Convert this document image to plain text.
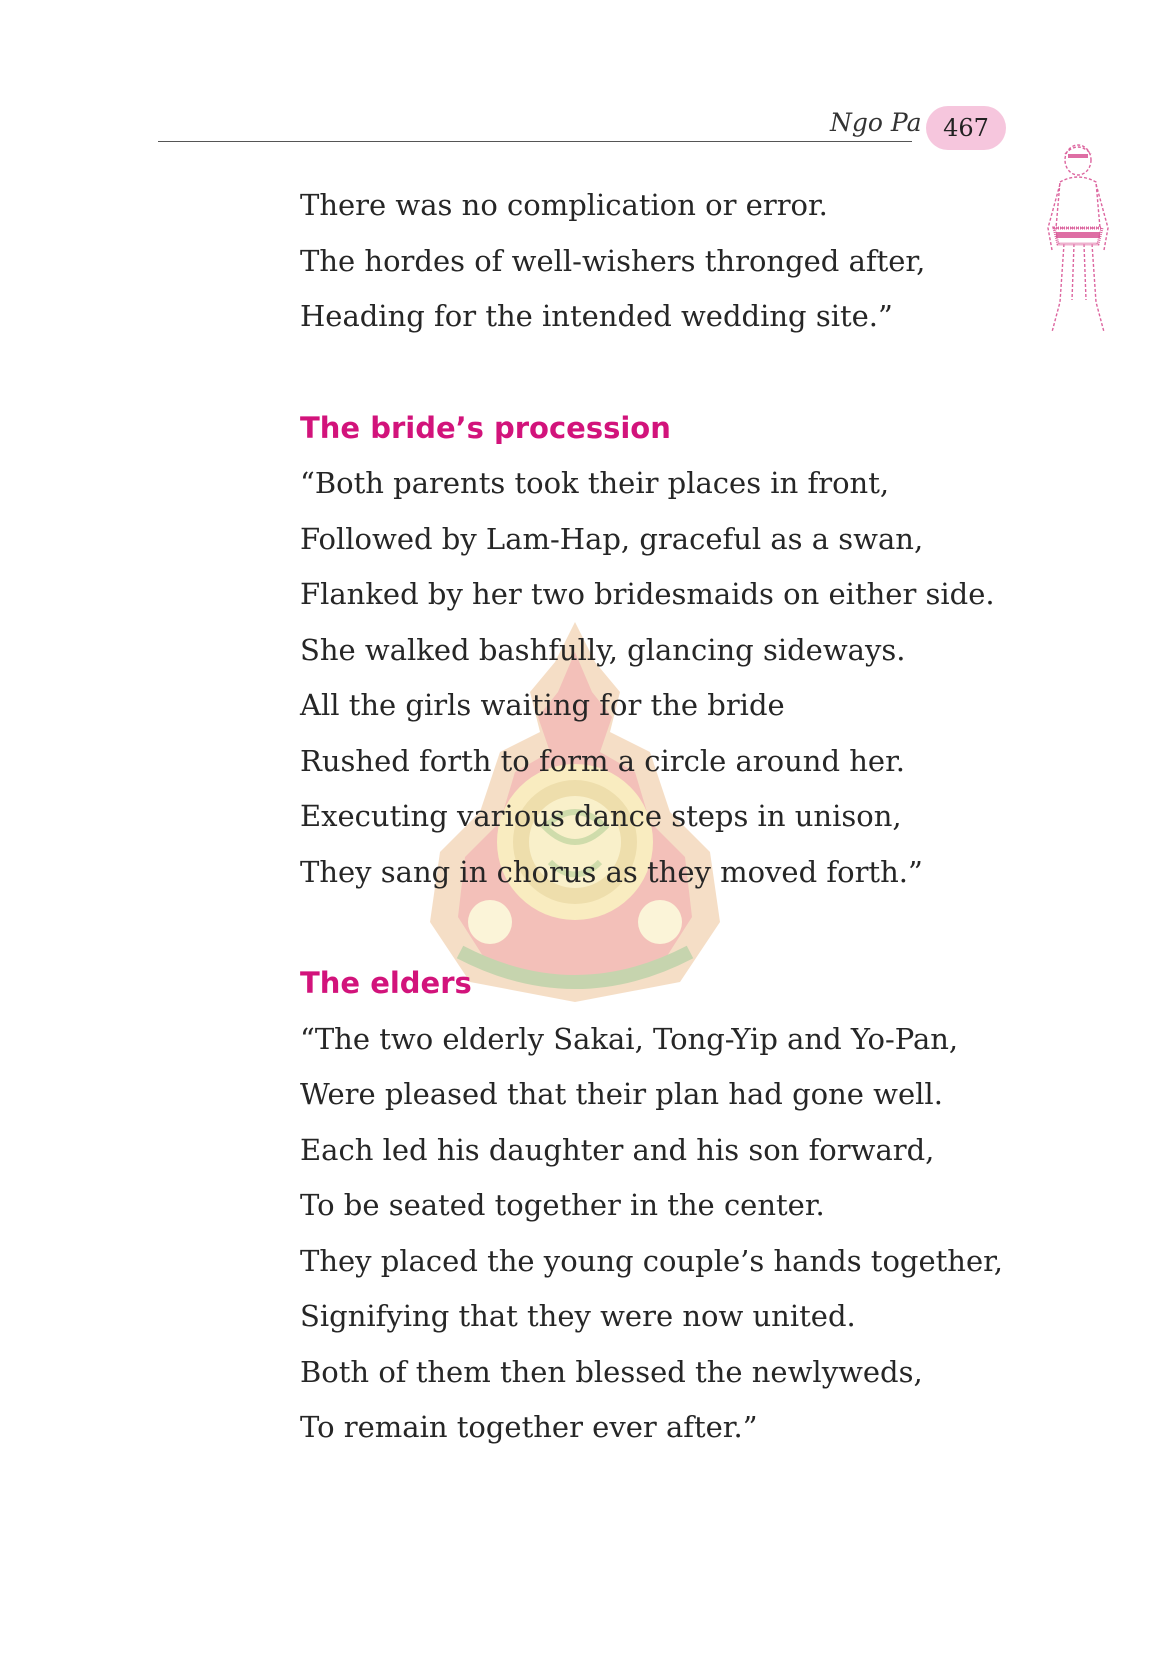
Ngo Pa 467
There was no complication or error.
The hordes of well-wishers thronged after,
Heading for the intended wedding site.”
The bride’s procession
“Both parents took their places in front,
Followed by Lam-Hap, graceful as a swan,
Flanked by her two bridesmaids on either side.
She walked bashfully, glancing sideways.
All the girls waiting for the bride
Rushed forth to form a circle around her.
Executing various dance steps in unison,
They sang in chorus as they moved forth.”
The elders
“The two elderly Sakai, Tong-Yip and Yo-Pan,
Were pleased that their plan had gone well.
Each led his daughter and his son forward,
To be seated together in the center.
They placed the young couple’s hands together,
Signifying that they were now united.
Both of them then blessed the newlyweds,
To remain together ever after.”
